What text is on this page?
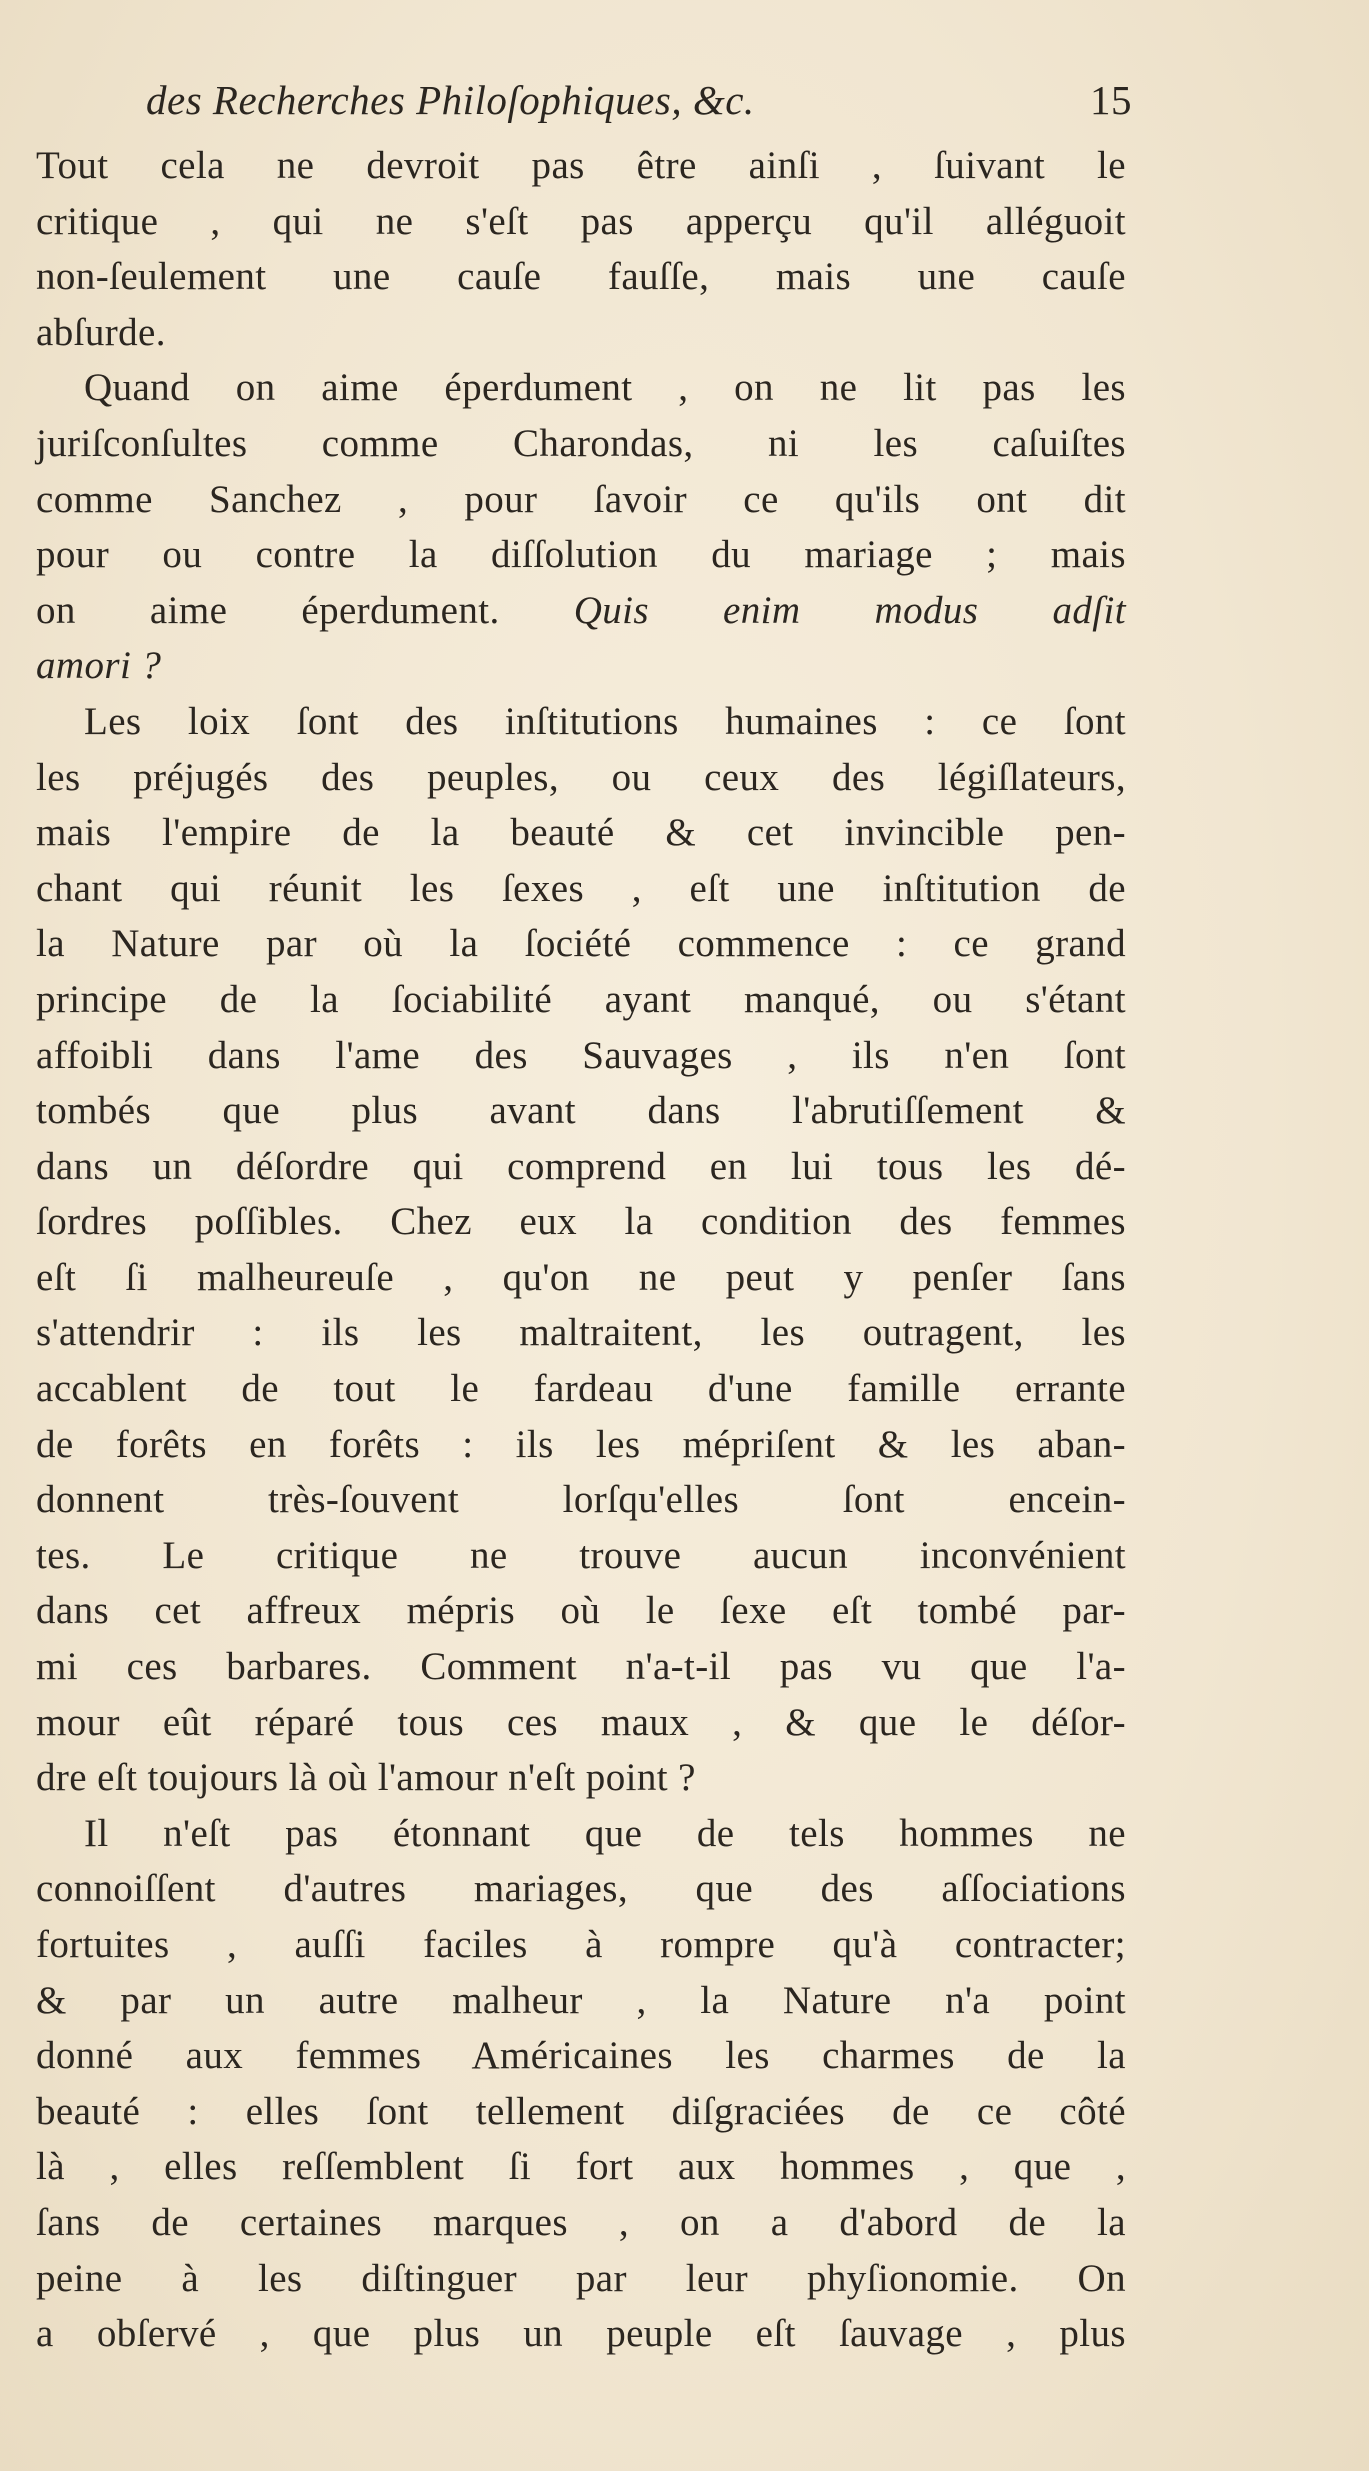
des Recherches Philoſophiques, &c.	15
Tout cela ne devroit pas être ainſi , ſuivant le
critique , qui ne s'eſt pas apperçu qu'il alléguoit
non-ſeulement une cauſe fauſſe, mais une cauſe
abſurde.
Quand on aime éperdument , on ne lit pas les
juriſconſultes comme Charondas, ni les caſuiſtes
comme Sanchez , pour ſavoir ce qu'ils ont dit
pour ou contre la diſſolution du mariage ; mais
on aime éperdument. Quis enim modus adſit
amori ?
Les loix ſont des inſtitutions humaines : ce ſont
les préjugés des peuples, ou ceux des légiſlateurs,
mais l'empire de la beauté & cet invincible pen-
chant qui réunit les ſexes , eſt une inſtitution de
la Nature par où la ſociété commence : ce grand
principe de la ſociabilité ayant manqué, ou s'étant
affoibli dans l'ame des Sauvages , ils n'en ſont
tombés que plus avant dans l'abrutiſſement &
dans un déſordre qui comprend en lui tous les dé-
ſordres poſſibles. Chez eux la condition des femmes
eſt ſi malheureuſe , qu'on ne peut y penſer ſans
s'attendrir : ils les maltraitent, les outragent, les
accablent de tout le fardeau d'une famille errante
de forêts en forêts : ils les mépriſent & les aban-
donnent très-ſouvent lorſqu'elles ſont encein-
tes. Le critique ne trouve aucun inconvénient
dans cet affreux mépris où le ſexe eſt tombé par-
mi ces barbares. Comment n'a-t-il pas vu que l'a-
mour eût réparé tous ces maux , & que le déſor-
dre eſt toujours là où l'amour n'eſt point ?
Il n'eſt pas étonnant que de tels hommes ne
connoiſſent d'autres mariages, que des aſſociations
fortuites , auſſi faciles à rompre qu'à contracter;
& par un autre malheur , la Nature n'a point
donné aux femmes Américaines les charmes de la
beauté : elles ſont tellement diſgraciées de ce côté
là , elles reſſemblent ſi fort aux hommes , que ,
ſans de certaines marques , on a d'abord de la
peine à les diſtinguer par leur phyſionomie. On
a obſervé , que plus un peuple eſt ſauvage , plus
